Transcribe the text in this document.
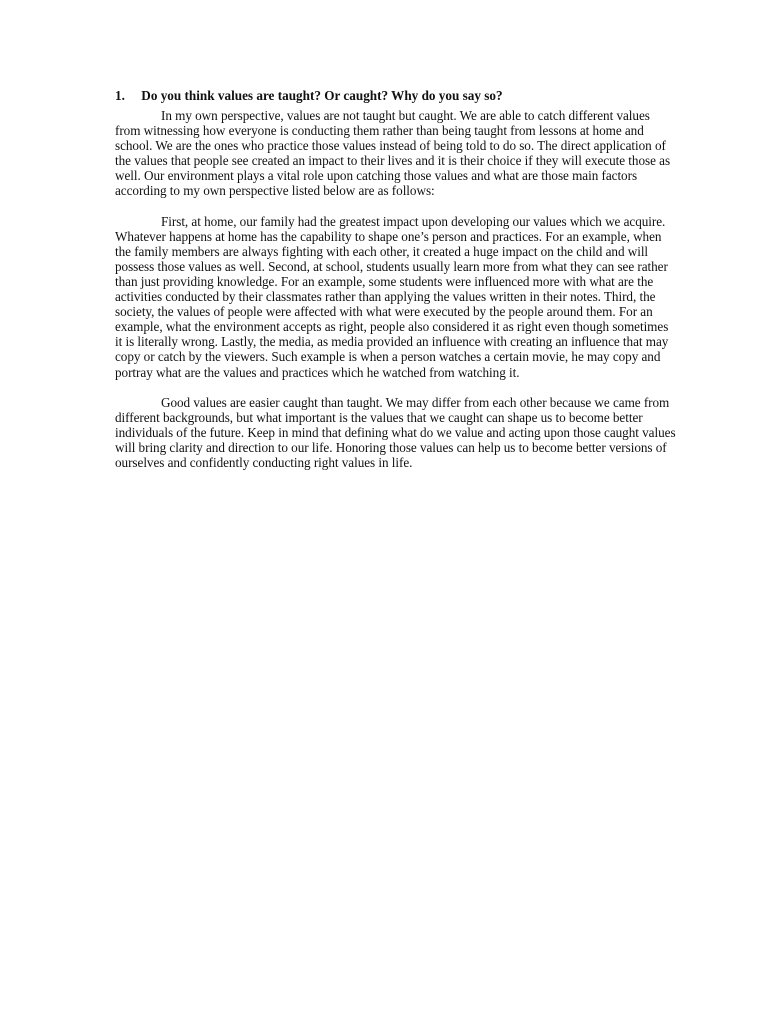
1. Do you think values are taught? Or caught? Why do you say so?

In my own perspective, values are not taught but caught. We are able to catch different values from witnessing how everyone is conducting them rather than being taught from lessons at home and school. We are the ones who practice those values instead of being told to do so. The direct application of the values that people see created an impact to their lives and it is their choice if they will execute those as well. Our environment plays a vital role upon catching those values and what are those main factors according to my own perspective listed below are as follows:

First, at home, our family had the greatest impact upon developing our values which we acquire. Whatever happens at home has the capability to shape one’s person and practices. For an example, when the family members are always fighting with each other, it created a huge impact on the child and will possess those values as well. Second, at school, students usually learn more from what they can see rather than just providing knowledge. For an example, some students were influenced more with what are the activities conducted by their classmates rather than applying the values written in their notes. Third, the society, the values of people were affected with what were executed by the people around them. For an example, what the environment accepts as right, people also considered it as right even though sometimes it is literally wrong. Lastly, the media, as media provided an influence with creating an influence that may copy or catch by the viewers. Such example is when a person watches a certain movie, he may copy and portray what are the values and practices which he watched from watching it.

Good values are easier caught than taught. We may differ from each other because we came from different backgrounds, but what important is the values that we caught can shape us to become better individuals of the future. Keep in mind that defining what do we value and acting upon those caught values will bring clarity and direction to our life. Honoring those values can help us to become better versions of ourselves and confidently conducting right values in life.
